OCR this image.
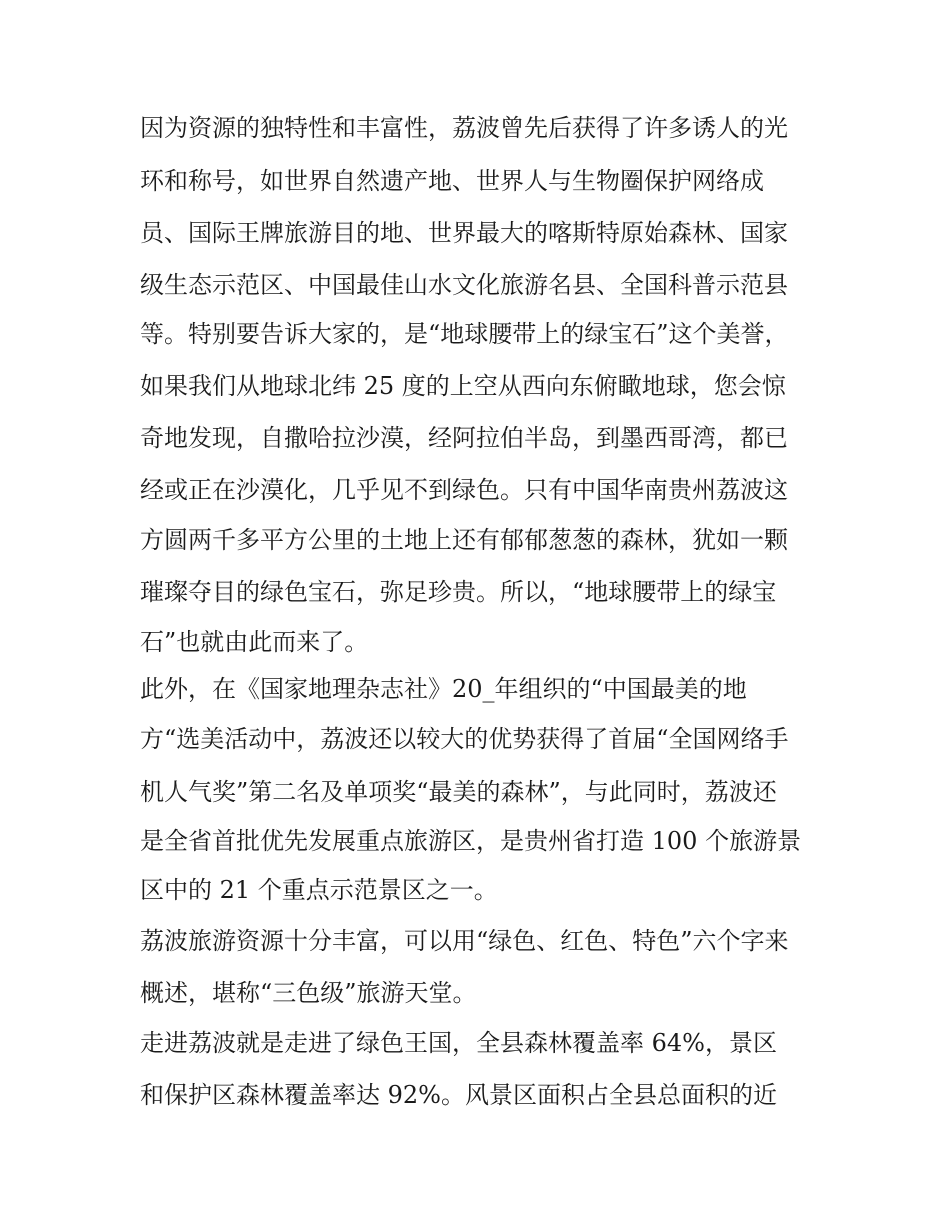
因为资源的独特性和丰富性，荔波曾先后获得了许多诱人的光
环和称号，如世界自然遗产地、世界人与生物圈保护网络成
员、国际王牌旅游目的地、世界最大的喀斯特原始森林、国家
级生态示范区、中国最佳山水文化旅游名县、全国科普示范县
等。特别要告诉大家的，是“地球腰带上的绿宝石”这个美誉，
如果我们从地球北纬 25 度的上空从西向东俯瞰地球，您会惊
奇地发现，自撒哈拉沙漠，经阿拉伯半岛，到墨西哥湾，都已
经或正在沙漠化，几乎见不到绿色。只有中国华南贵州荔波这
方圆两千多平方公里的土地上还有郁郁葱葱的森林，犹如一颗
璀璨夺目的绿色宝石，弥足珍贵。所以，“地球腰带上的绿宝
石”也就由此而来了。
此外，在《国家地理杂志社》20_年组织的“中国最美的地
方“选美活动中，荔波还以较大的优势获得了首届“全国网络手
机人气奖”第二名及单项奖“最美的森林”，与此同时，荔波还
是全省首批优先发展重点旅游区，是贵州省打造 100 个旅游景
区中的 21 个重点示范景区之一。
荔波旅游资源十分丰富，可以用“绿色、红色、特色”六个字来
概述，堪称“三色级”旅游天堂。
走进荔波就是走进了绿色王国，全县森林覆盖率 64%，景区
和保护区森林覆盖率达 92%。风景区面积占全县总面积的近
